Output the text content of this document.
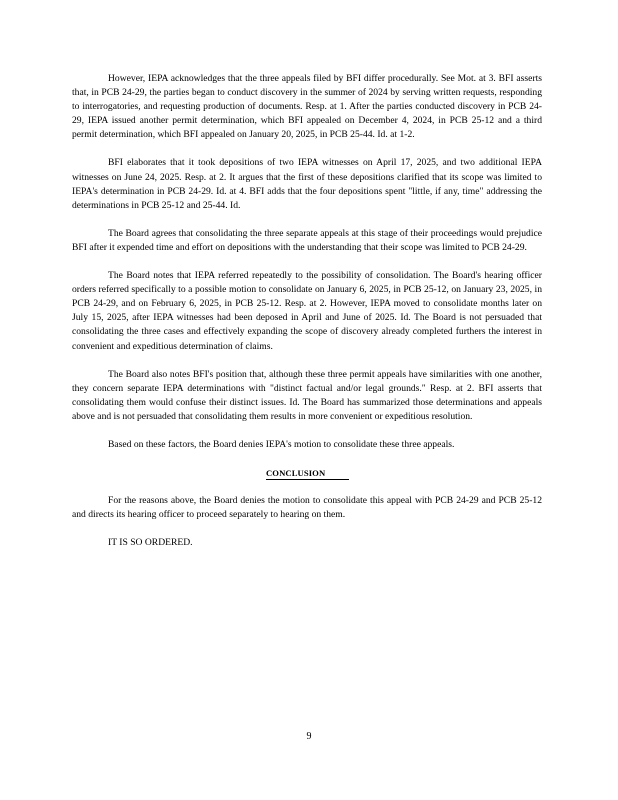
However, IEPA acknowledges that the three appeals filed by BFI differ procedurally. See Mot. at 3. BFI asserts that, in PCB 24-29, the parties began to conduct discovery in the summer of 2024 by serving written requests, responding to interrogatories, and requesting production of documents. Resp. at 1. After the parties conducted discovery in PCB 24-29, IEPA issued another permit determination, which BFI appealed on December 4, 2024, in PCB 25-12 and a third permit determination, which BFI appealed on January 20, 2025, in PCB 25-44. Id. at 1-2.

BFI elaborates that it took depositions of two IEPA witnesses on April 17, 2025, and two additional IEPA witnesses on June 24, 2025. Resp. at 2. It argues that the first of these depositions clarified that its scope was limited to IEPA's determination in PCB 24-29. Id. at 4. BFI adds that the four depositions spent "little, if any, time" addressing the determinations in PCB 25-12 and 25-44. Id.

The Board agrees that consolidating the three separate appeals at this stage of their proceedings would prejudice BFI after it expended time and effort on depositions with the understanding that their scope was limited to PCB 24-29.

The Board notes that IEPA referred repeatedly to the possibility of consolidation. The Board's hearing officer orders referred specifically to a possible motion to consolidate on January 6, 2025, in PCB 25-12, on January 23, 2025, in PCB 24-29, and on February 6, 2025, in PCB 25-12. Resp. at 2. However, IEPA moved to consolidate months later on July 15, 2025, after IEPA witnesses had been deposed in April and June of 2025. Id. The Board is not persuaded that consolidating the three cases and effectively expanding the scope of discovery already completed furthers the interest in convenient and expeditious determination of claims.

The Board also notes BFI's position that, although these three permit appeals have similarities with one another, they concern separate IEPA determinations with "distinct factual and/or legal grounds." Resp. at 2. BFI asserts that consolidating them would confuse their distinct issues. Id. The Board has summarized those determinations and appeals above and is not persuaded that consolidating them results in more convenient or expeditious resolution.

Based on these factors, the Board denies IEPA's motion to consolidate these three appeals.

CONCLUSION

For the reasons above, the Board denies the motion to consolidate this appeal with PCB 24-29 and PCB 25-12 and directs its hearing officer to proceed separately to hearing on them.

IT IS SO ORDERED.

9
